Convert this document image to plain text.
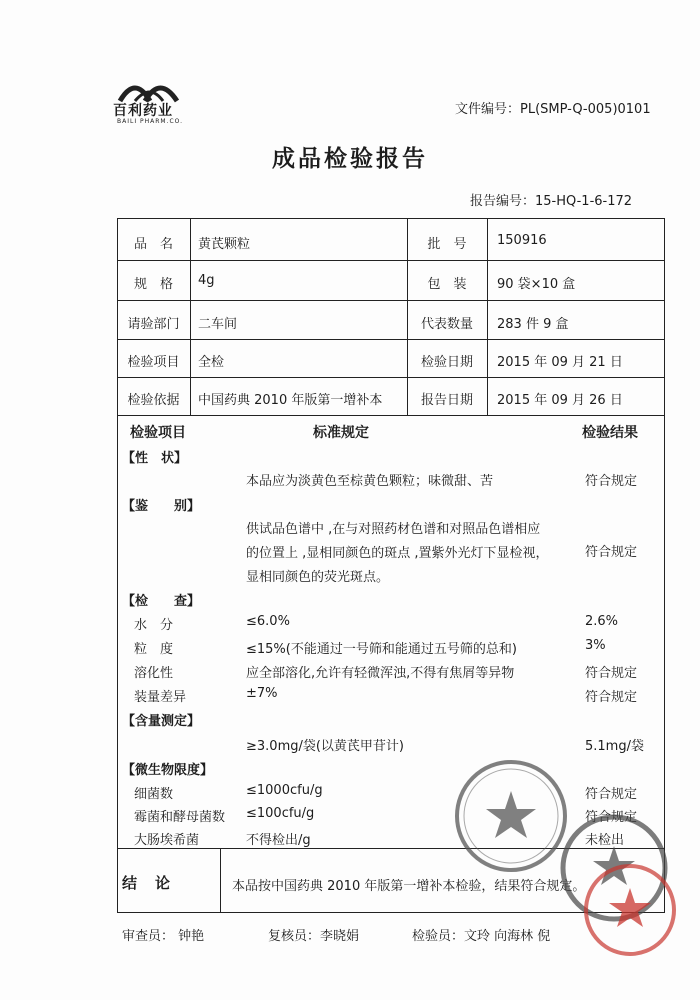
百利药业
BAILI PHARM.CO.
文件编号：PL(SMP-Q-005)0101
成品检验报告
报告编号：15-HQ-1-6-172
品　名	黄芪颗粒	批　号	150916
规　格	4g	包　装	90 袋×10 盒
请验部门	二车间	代表数量	283 件 9 盒
检验项目	全检	检验日期	2015 年 09 月 21 日
检验依据	中国药典 2010 年版第一增补本	报告日期	2015 年 09 月 26 日
检验项目	标准规定	检验结果
【性　状】
本品应为淡黄色至棕黄色颗粒；味微甜、苦	符合规定
【鉴　　别】
供试品色谱中 ,在与对照药材色谱和对照品色谱相应
的位置上 ,显相同颜色的斑点 ,置紫外光灯下显检视，
显相同颜色的荧光斑点。
符合规定
【检　　查】
水　分	≤6.0%	2.6%
粒　度	≤15%(不能通过一号筛和能通过五号筛的总和)	3%
溶化性	应全部溶化,允许有轻微浑浊,不得有焦屑等异物	符合规定
装量差异	±7%	符合规定
【含量测定】
≥3.0mg/袋(以黄芪甲苷计)	5.1mg/袋
【微生物限度】
细菌数	≤1000cfu/g	符合规定
霉菌和酵母菌数 ≤100cfu/g	符合规定
大肠埃希菌	不得检出/g	未检出
结论	本品按中国药典 2010 年版第一增补本检验，结果符合规定。
审查员： 钟艳	复核员：李晓娟	检验员：文玲 向海林 倪
